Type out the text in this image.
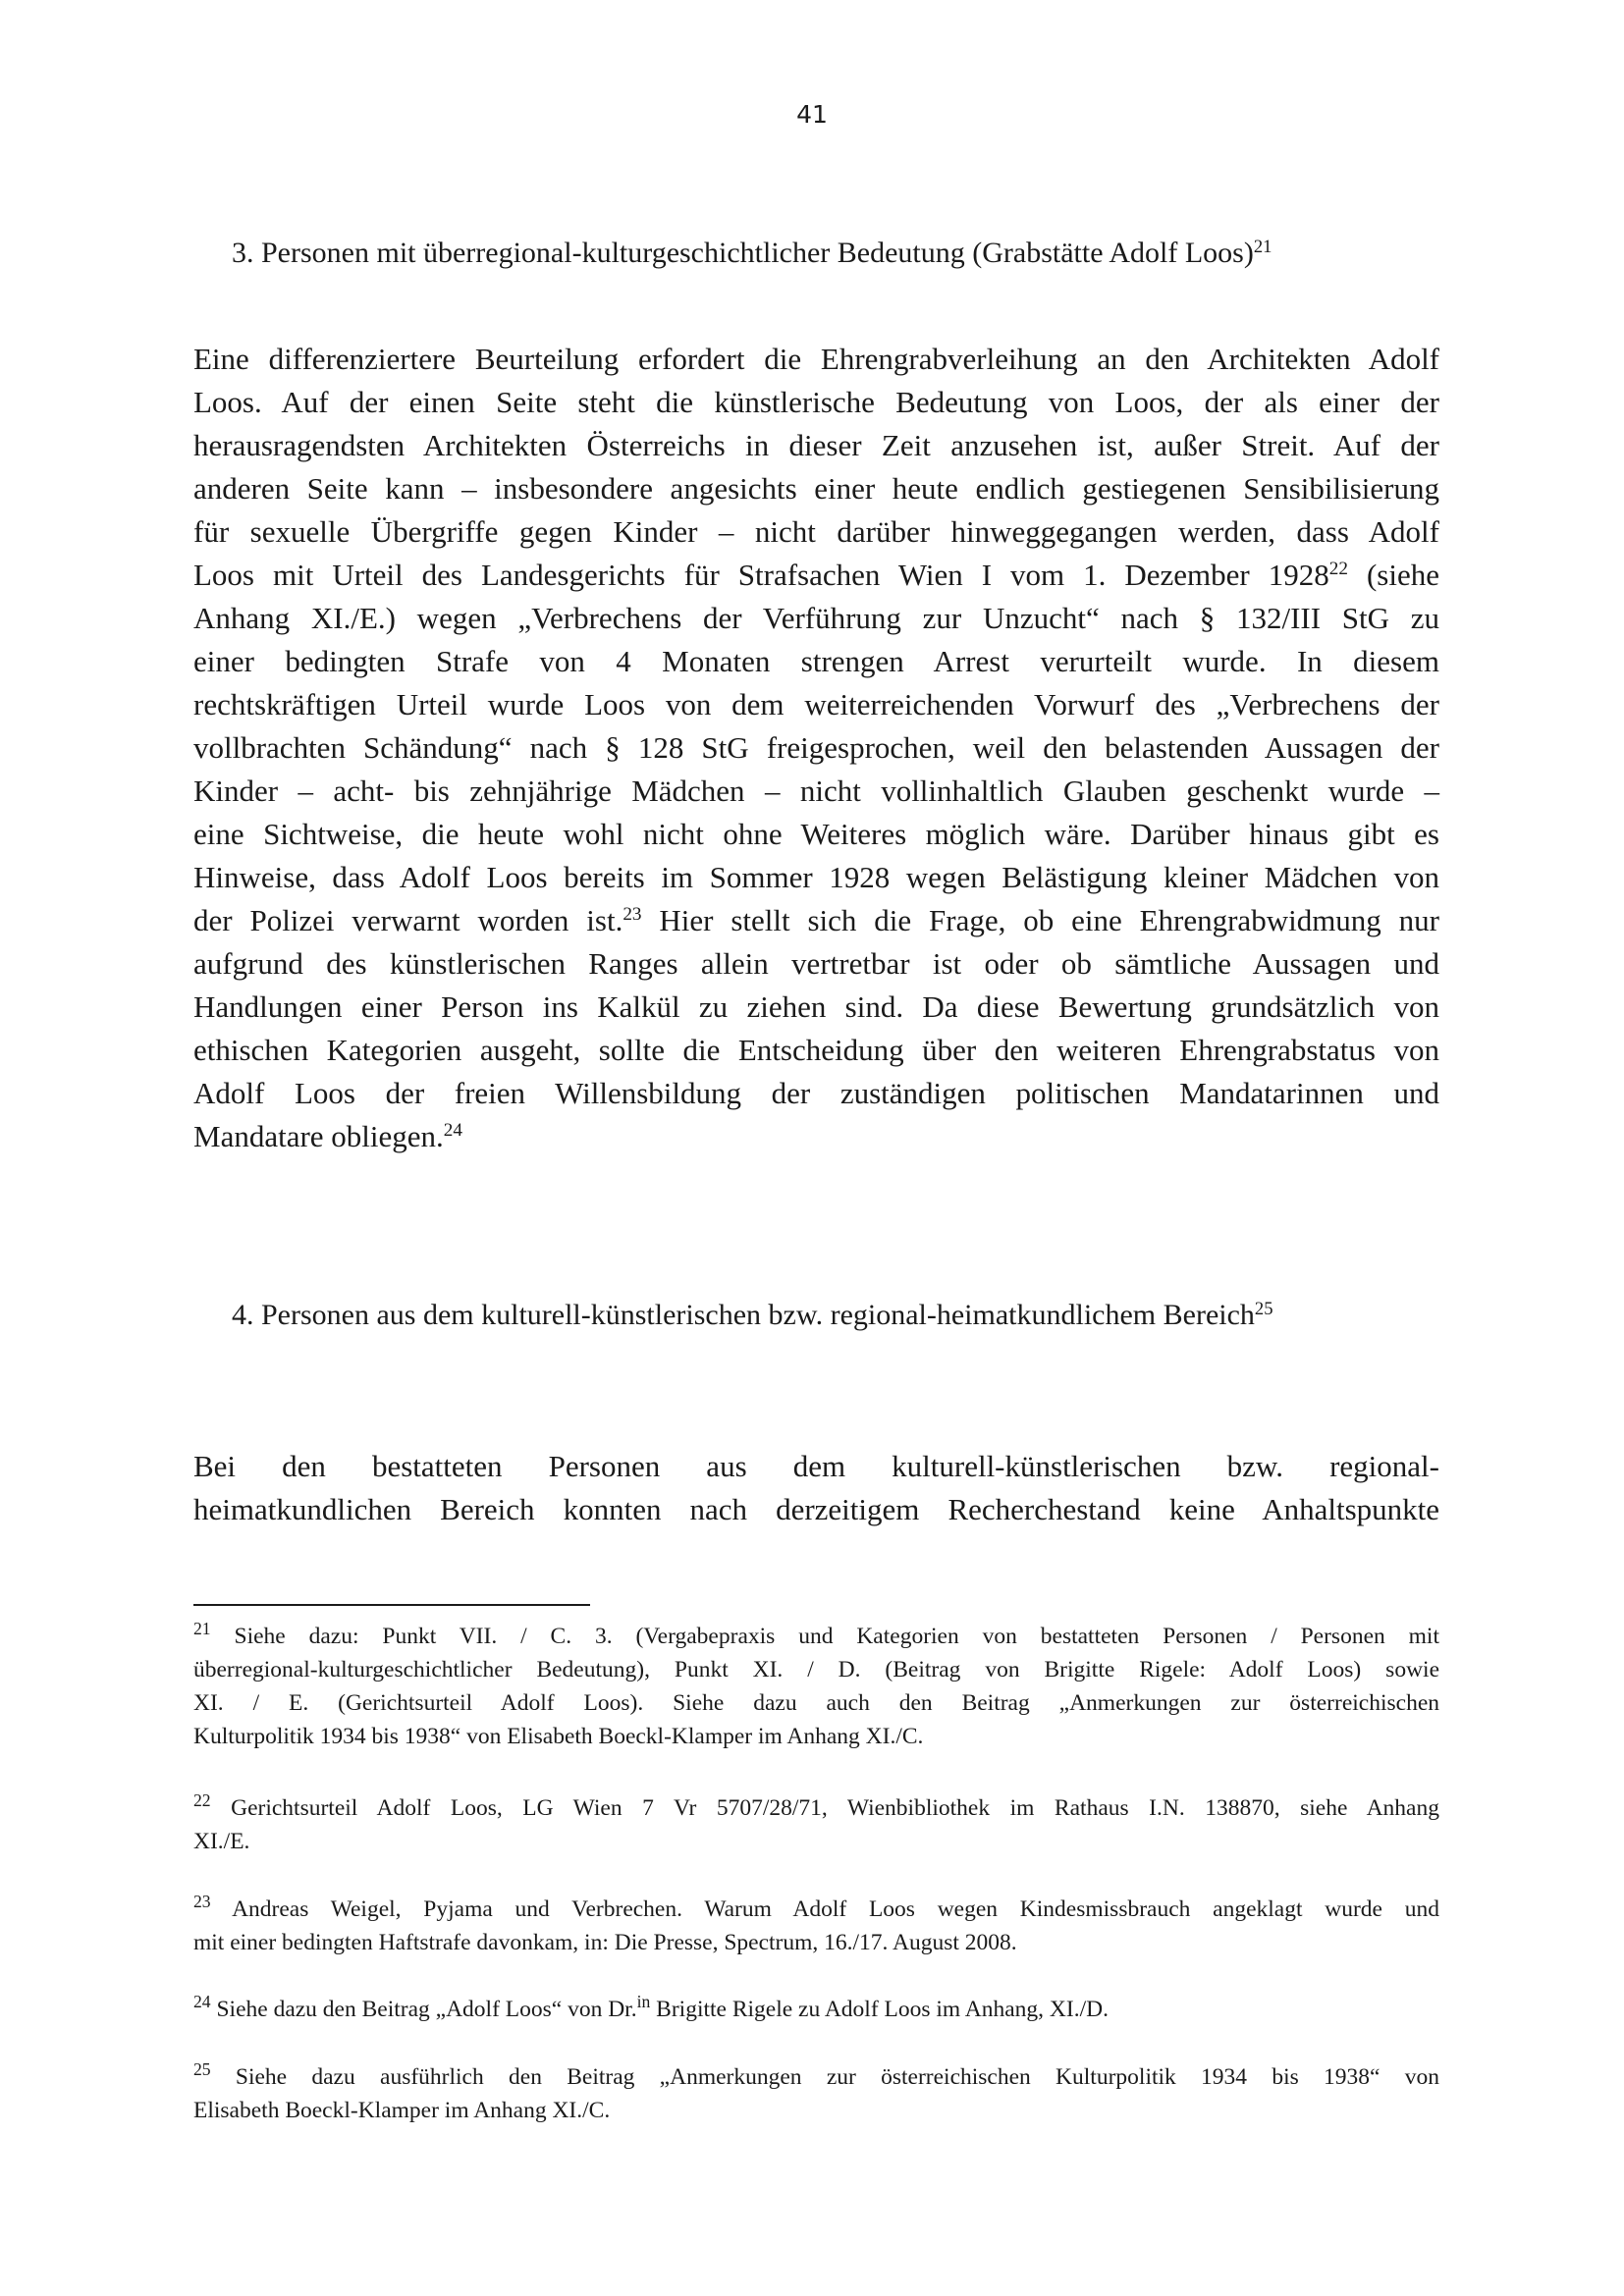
41
3. Personen mit überregional-kulturgeschichtlicher Bedeutung (Grabstätte Adolf Loos)$^{21}$
Eine differenziertere Beurteilung erfordert die Ehrengrabverleihung an den Architekten Adolf
Loos. Auf der einen Seite steht die künstlerische Bedeutung von Loos, der als einer der
herausragendsten Architekten Österreichs in dieser Zeit anzusehen ist, außer Streit. Auf der
anderen Seite kann – insbesondere angesichts einer heute endlich gestiegenen Sensibilisierung
für sexuelle Übergriffe gegen Kinder – nicht darüber hinweggegangen werden, dass Adolf
Loos mit Urteil des Landesgerichts für Strafsachen Wien I vom 1. Dezember 1928$^{22}$ (siehe
Anhang XI./E.) wegen „Verbrechens der Verführung zur Unzucht“ nach § 132/III StG zu
einer bedingten Strafe von 4 Monaten strengen Arrest verurteilt wurde. In diesem
rechtskräftigen Urteil wurde Loos von dem weiterreichenden Vorwurf des „Verbrechens der
vollbrachten Schändung“ nach § 128 StG freigesprochen, weil den belastenden Aussagen der
Kinder – acht- bis zehnjährige Mädchen – nicht vollinhaltlich Glauben geschenkt wurde –
eine Sichtweise, die heute wohl nicht ohne Weiteres möglich wäre. Darüber hinaus gibt es
Hinweise, dass Adolf Loos bereits im Sommer 1928 wegen Belästigung kleiner Mädchen von
der Polizei verwarnt worden ist.$^{23}$ Hier stellt sich die Frage, ob eine Ehrengrabwidmung nur
aufgrund des künstlerischen Ranges allein vertretbar ist oder ob sämtliche Aussagen und
Handlungen einer Person ins Kalkül zu ziehen sind. Da diese Bewertung grundsätzlich von
ethischen Kategorien ausgeht, sollte die Entscheidung über den weiteren Ehrengrabstatus von
Adolf Loos der freien Willensbildung der zuständigen politischen Mandatarinnen und
Mandatare obliegen.$^{24}$
4. Personen aus dem kulturell-künstlerischen bzw. regional-heimatkundlichem Bereich$^{25}$
Bei den bestatteten Personen aus dem kulturell-künstlerischen bzw. regional-
heimatkundlichen Bereich konnten nach derzeitigem Recherchestand keine Anhaltspunkte
$^{21}$ Siehe dazu: Punkt VII. / C. 3. (Vergabepraxis und Kategorien von bestatteten Personen / Personen mit
überregional-kulturgeschichtlicher Bedeutung), Punkt XI. / D. (Beitrag von Brigitte Rigele: Adolf Loos) sowie
XI. / E. (Gerichtsurteil Adolf Loos). Siehe dazu auch den Beitrag „Anmerkungen zur österreichischen
Kulturpolitik 1934 bis 1938“ von Elisabeth Boeckl-Klamper im Anhang XI./C.
$^{22}$ Gerichtsurteil Adolf Loos, LG Wien 7 Vr 5707/28/71, Wienbibliothek im Rathaus I.N. 138870, siehe Anhang
XI./E.
$^{23}$ Andreas Weigel, Pyjama und Verbrechen. Warum Adolf Loos wegen Kindesmissbrauch angeklagt wurde und
mit einer bedingten Haftstrafe davonkam, in: Die Presse, Spectrum, 16./17. August 2008.
$^{24}$ Siehe dazu den Beitrag „Adolf Loos“ von Dr.$^{in}$ Brigitte Rigele zu Adolf Loos im Anhang, XI./D.
$^{25}$ Siehe dazu ausführlich den Beitrag „Anmerkungen zur österreichischen Kulturpolitik 1934 bis 1938“ von
Elisabeth Boeckl-Klamper im Anhang XI./C.
